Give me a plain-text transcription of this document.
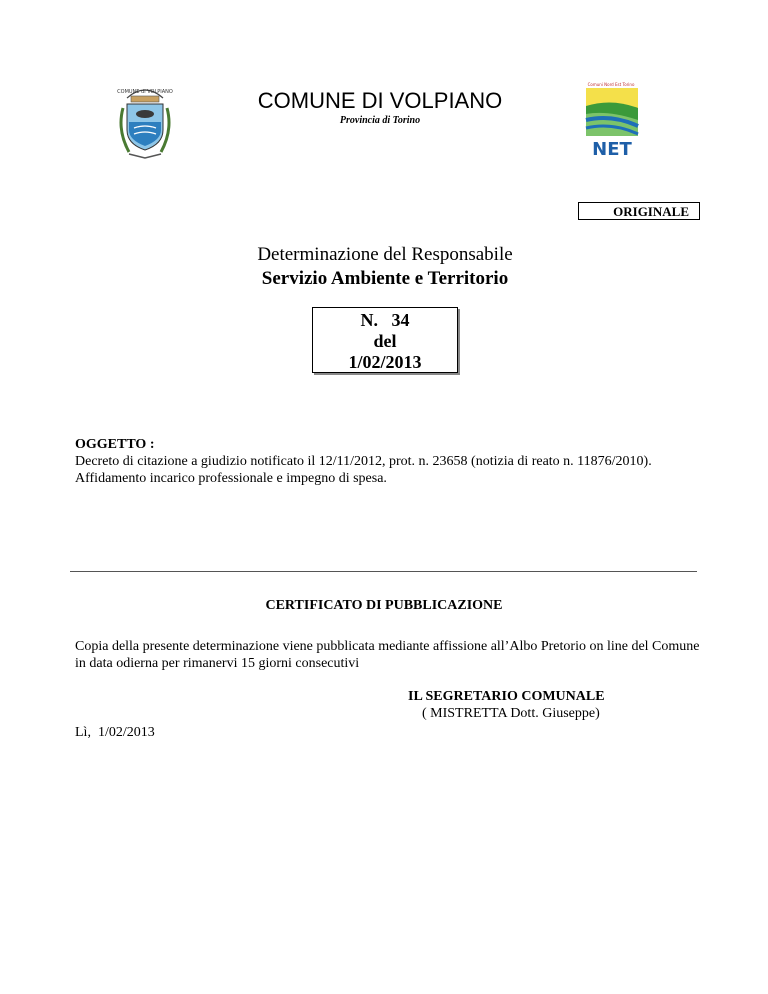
COMUNE di VOLPIANO	COMUNE DI VOLPIANO
Provincia di Torino
Comuni Nord Est Torino
NET
ORIGINALE
Determinazione del Responsabile
Servizio Ambiente e Territorio
N.   34
del
1/02/2013
OGGETTO :
Decreto di citazione a giudizio notificato il 12/11/2012, prot. n. 23658 (notizia di reato n. 11876/2010). Affidamento incarico professionale e impegno di spesa.
CERTIFICATO DI PUBBLICAZIONE
Copia della presente determinazione viene pubblicata mediante affissione all’Albo Pretorio on line del Comune in data odierna per rimanervi 15 giorni consecutivi
IL SEGRETARIO COMUNALE
( MISTRETTA Dott. Giuseppe)
Lì,  1/02/2013
